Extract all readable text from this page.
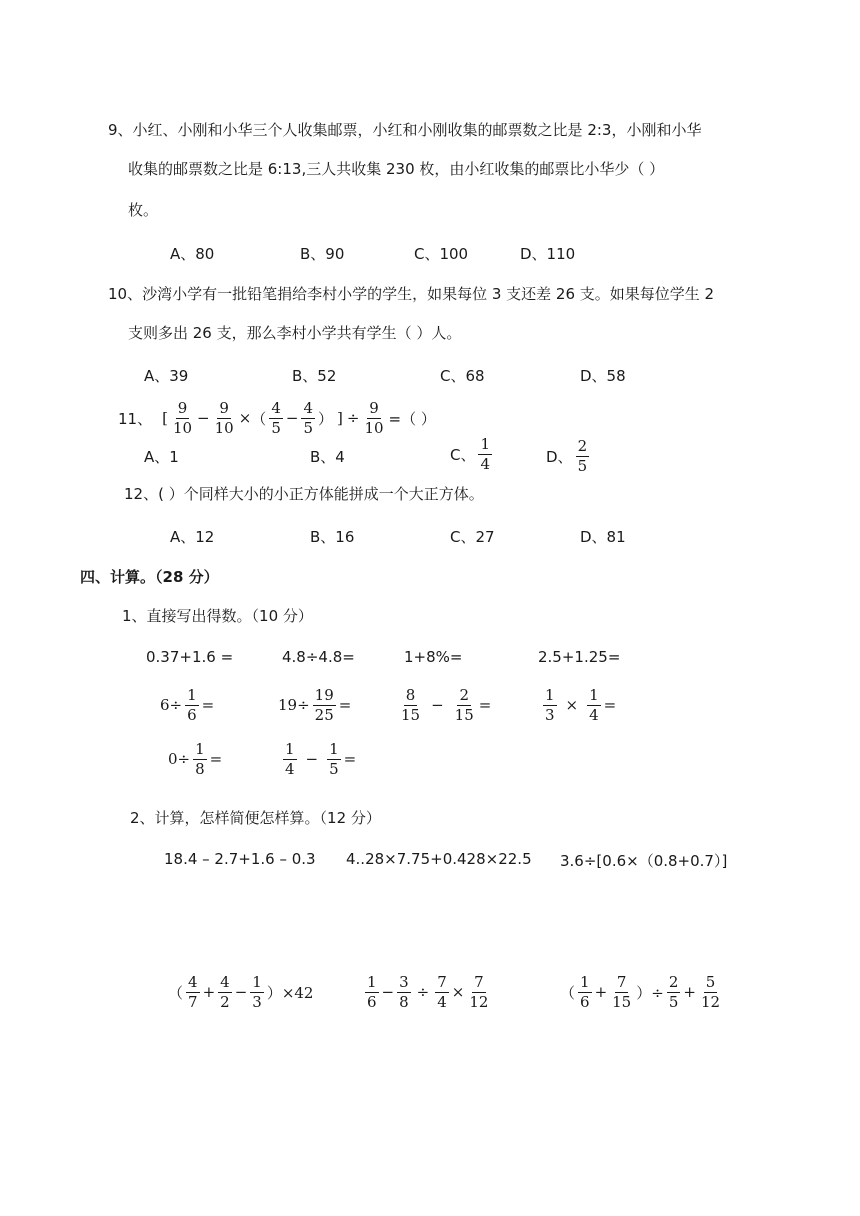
9、小红、小刚和小华三个人收集邮票，小红和小刚收集的邮票数之比是 2:3，小刚和小华
收集的邮票数之比是 6:13,三人共收集 230 枚，由小红收集的邮票比小华少（ ）
枚。
A、80	B、90	C、100	D、110
10、沙湾小学有一批铅笔捐给李村小学的学生，如果每位 3 支还差 26 支。如果每位学生 2
支则多出 26 支，那么李村小学共有学生（ ）人。
A、39	B、52	C、68	D、58
11、 [ $\frac{9}{10} - \frac{9}{10}$ × （ $\frac{4}{5} - \frac{4}{5}$ ） ] ÷ $\frac{9}{10}$ =（ ）
A、1	B、4	C、 $\frac{1}{4}$	D、 $\frac{2}{5}$
12、( ）个同样大小的小正方体能拼成一个大正方体。
A、12	B、16	C、27	D、81
四、计算。（28 分）
1、直接写出得数。（10 分）
0.37+1.6 =	4.8÷4.8=	1+8%=	2.5+1.25=
$6\div \frac{1}{6}$ =	$19\div \frac{19}{25}$ =	$\frac{8}{15} - \frac{2}{15}$ =	$\frac{1}{3} \times \frac{1}{4}$ =
$0\div \frac{1}{8}$ =	$\frac{1}{4} - \frac{1}{5}$ =
2、计算，怎样简便怎样算。（12 分）
18.4 – 2.7+1.6 – 0.3 4..28×7.75+0.428×22.5 3.6÷[0.6×（0.8+0.7）]
（ $\frac{4}{7} + \frac{4}{2} - \frac{1}{3} )\times 42$	$\frac{1}{6} - \frac{3}{8} \div \frac{7}{4} \times \frac{7}{12}$	（ $\frac{1}{6} + \frac{7}{15}$ ）÷ $\frac{2}{5} + \frac{5}{12}$
